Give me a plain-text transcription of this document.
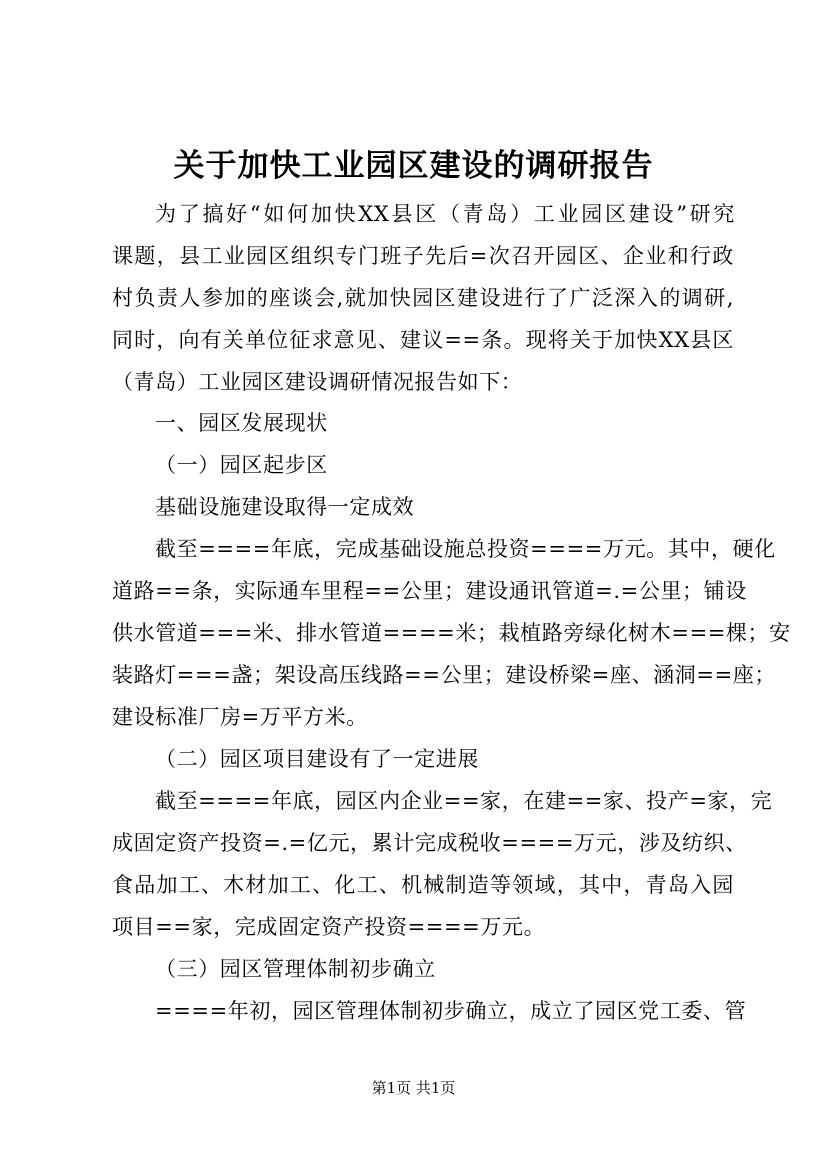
关于加快工业园区建设的调研报告
为了搞好“如何加快XX县区（青岛）工业园区建设”研究
课题，县工业园区组织专门班子先后=次召开园区、企业和行政
村负责人参加的座谈会,就加快园区建设进行了广泛深入的调研,
同时，向有关单位征求意见、建议==条。现将关于加快XX县区
（青岛）工业园区建设调研情况报告如下：
一、园区发展现状
（一）园区起步区
基础设施建设取得一定成效
截至====年底，完成基础设施总投资====万元。其中，硬化
道路==条，实际通车里程==公里；建设通讯管道=.=公里；铺设
供水管道===米、排水管道====米；栽植路旁绿化树木===棵；安
装路灯===盏；架设高压线路==公里；建设桥梁=座、涵洞==座；
建设标准厂房=万平方米。
（二）园区项目建设有了一定进展
截至====年底，园区内企业==家，在建==家、投产=家，完
成固定资产投资=.=亿元，累计完成税收====万元，涉及纺织、
食品加工、木材加工、化工、机械制造等领域，其中，青岛入园
项目==家，完成固定资产投资====万元。
（三）园区管理体制初步确立
====年初，园区管理体制初步确立，成立了园区党工委、管
第1页 共1页
